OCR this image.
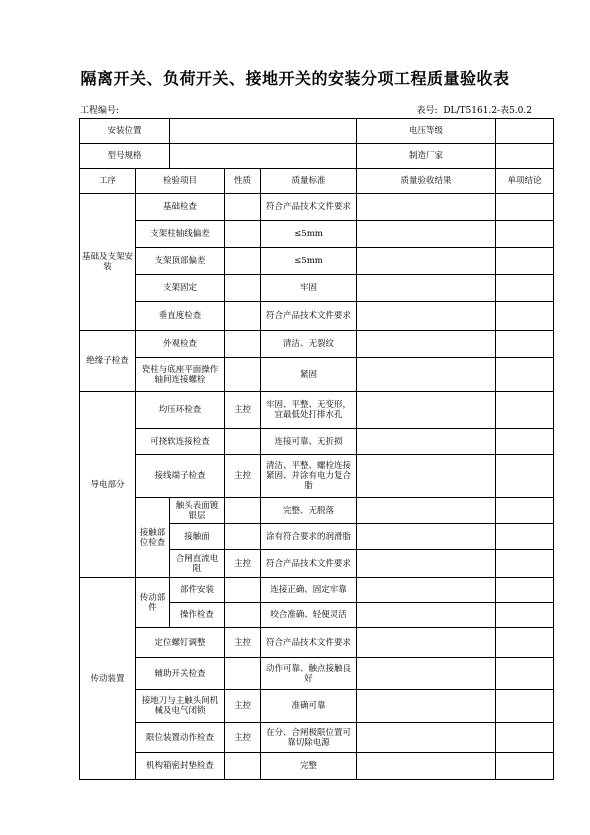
隔离开关、负荷开关、接地开关的安装分项工程质量验收表
工程编号:	表号: DL/T5161.2-表5.0.2
安装位置					电压等级	
型号规格					制造厂家	
工序	检验项目		性质	质量标准	质量验收结果	单项结论
基础及支架安装	基础检查			符合产品技术文件要求		
	支架柱轴线偏差			≤5mm		
	支架顶部偏差			≤5mm		
	支架固定			牢固		
	垂直度检查			符合产品技术文件要求		
绝缘子检查	外观检查			清洁、无裂纹		
	瓷柱与底座平面操作轴间连接螺栓			紧固		
导电部分	均压环检查		主控	牢固、平整、无变形，宜最低处打排水孔		
	可挠软连接检查			连接可靠、无折损		
	接线端子检查		主控	清洁、平整、螺栓连接紧固、并涂有电力复合脂		
	接触部位检查	触头表面镀银层		完整、无脱落		
		接触面		涂有符合要求的润滑脂		
		合闸直流电阻	主控	符合产品技术文件要求		
传动装置	传动部件	部件安装		连接正确、固定牢靠		
		操作检查		咬合准确、轻便灵活		
	定位螺钉调整		主控	符合产品技术文件要求		
	辅助开关检查			动作可靠、触点接触良好		
	接地刀与主触头间机械及电气闭锁		主控	准确可靠		
	限位装置动作检查		主控	在分、合闸极限位置可靠切除电源		
	机构箱密封垫检查			完整		
